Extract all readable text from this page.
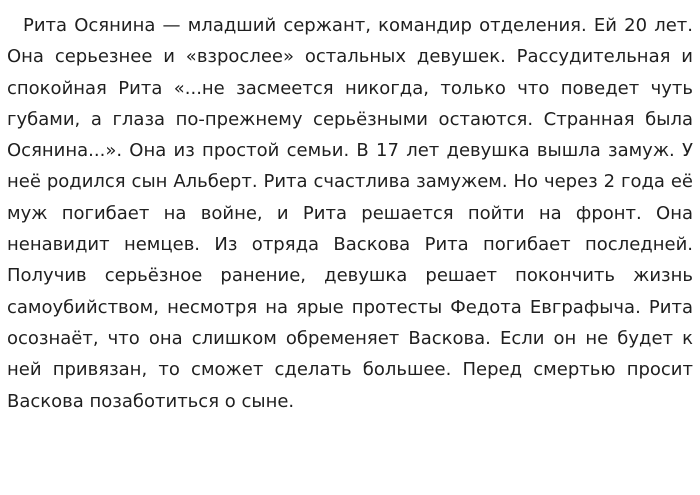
Рита Осянина — младший сержант, командир отделения. Ей 20 лет. Она серьезнее и «взрослее» остальных девушек. Рассудительная и спокойная Рита «...не засмеется никогда, только что поведет чуть губами, а глаза по-прежнему серьёзными остаются. Странная была Осянина...». Она из простой семьи. В 17 лет девушка вышла замуж. У неё родился сын Альберт. Рита счастлива замужем. Но через 2 года её муж погибает на войне, и Рита решается пойти на фронт. Она ненавидит немцев. Из отряда Васкова Рита погибает последней. Получив серьёзное ранение, девушка решает покончить жизнь самоубийством, несмотря на ярые протесты Федота Евграфыча. Рита осознаёт, что она слишком обременяет Васкова. Если он не будет к ней привязан, то сможет сделать большее. Перед смертью просит Васкова позаботиться о сыне.
